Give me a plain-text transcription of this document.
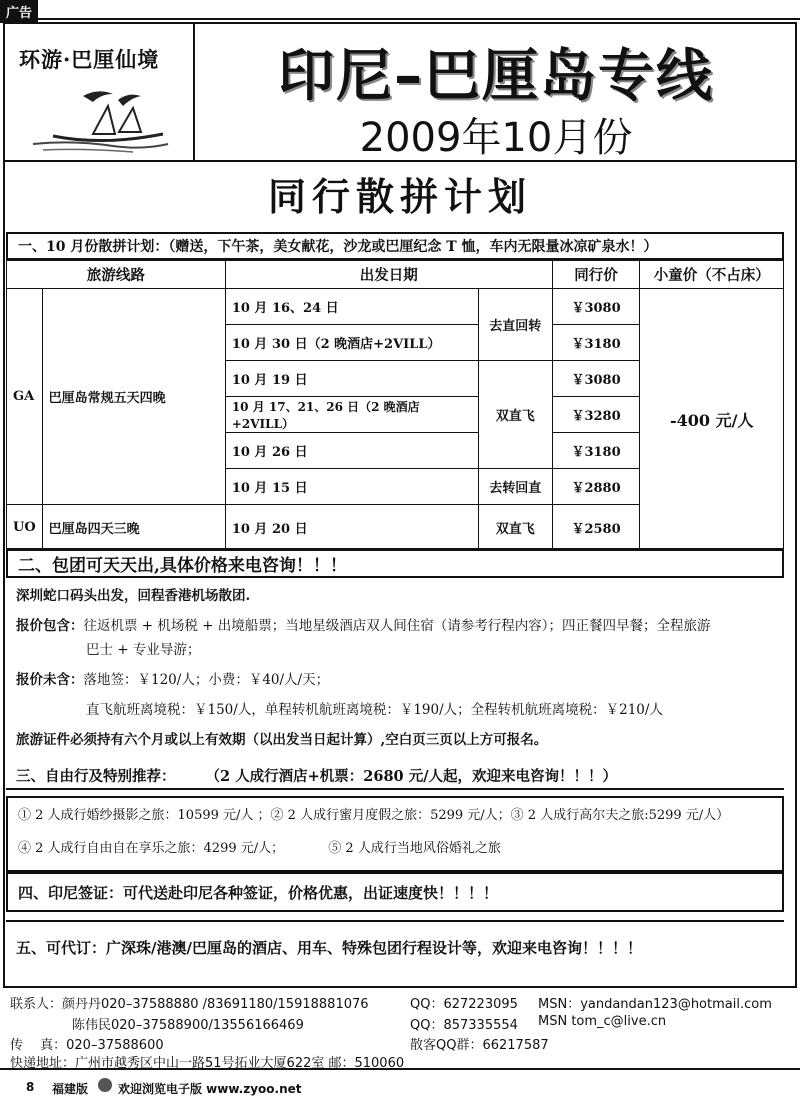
广告
环游·巴厘仙境	印尼–巴厘岛专线
2009年10月份
同行散拼计划
一、10 月份散拼计划：（赠送，下午茶，美女献花，沙龙或巴厘纪念 T 恤，车内无限量冰凉矿泉水！）
旅游线路		出发日期		同行价	小童价（不占床）
GA	巴厘岛常规五天四晚	10 月 16、24 日	去直回转	￥3080	-400 元/人
		10 月 30 日（2 晚酒店+2VILL）		￥3180	
		10 月 19 日	双直飞	￥3080	
		10 月 17、21、26 日（2 晚酒店+2VILL）		￥3280	
		10 月 26 日		￥3180	
		10 月 15 日	去转回直	￥2880	
UO	巴厘岛四天三晚	10 月 20 日	双直飞	￥2580	
二、包团可天天出,具体价格来电咨询！！！
深圳蛇口码头出发，回程香港机场散团.
报价包含：往返机票 + 机场税 + 出境船票；当地星级酒店双人间住宿（请参考行程内容）；四正餐四早餐；全程旅游
巴士 + 专业导游；
报价未含：落地签：￥120/人；小费：￥40/人/天；
直飞航班离境税：￥150/人，单程转机航班离境税：￥190/人；全程转机航班离境税：￥210/人
旅游证件必须持有六个月或以上有效期（以出发当日起计算）,空白页三页以上方可报名。
三、自由行及特别推荐： （2 人成行酒店+机票：2680 元/人起，欢迎来电咨询！！！）
① 2 人成行婚纱摄影之旅：10599 元/人 ；② 2 人成行蜜月度假之旅：5299 元/人；③ 2 人成行高尔夫之旅:5299 元/人）
④ 2 人成行自由自在享乐之旅：4299 元/人；	⑤ 2 人成行当地风俗婚礼之旅
四、印尼签证：可代送赴印尼各种签证，价格优惠，出证速度快！！！！
五、可代订：广深珠/港澳/巴厘岛的酒店、用车、特殊包团行程设计等，欢迎来电咨询！！！！
联系人：颜丹丹020–37588880 /83691180/15918881076	QQ：627223095 MSN：yandandan123@hotmail.com
陈伟民020–37588900/13556166469	QQ：857335554 MSN tom_c@live.cn
传　 真：020–37588600	散客QQ群：66217587
快递地址：广州市越秀区中山一路51号拓业大厦622室 邮：510060
8 福建版 欢迎浏览电子版 www.zyoo.net
